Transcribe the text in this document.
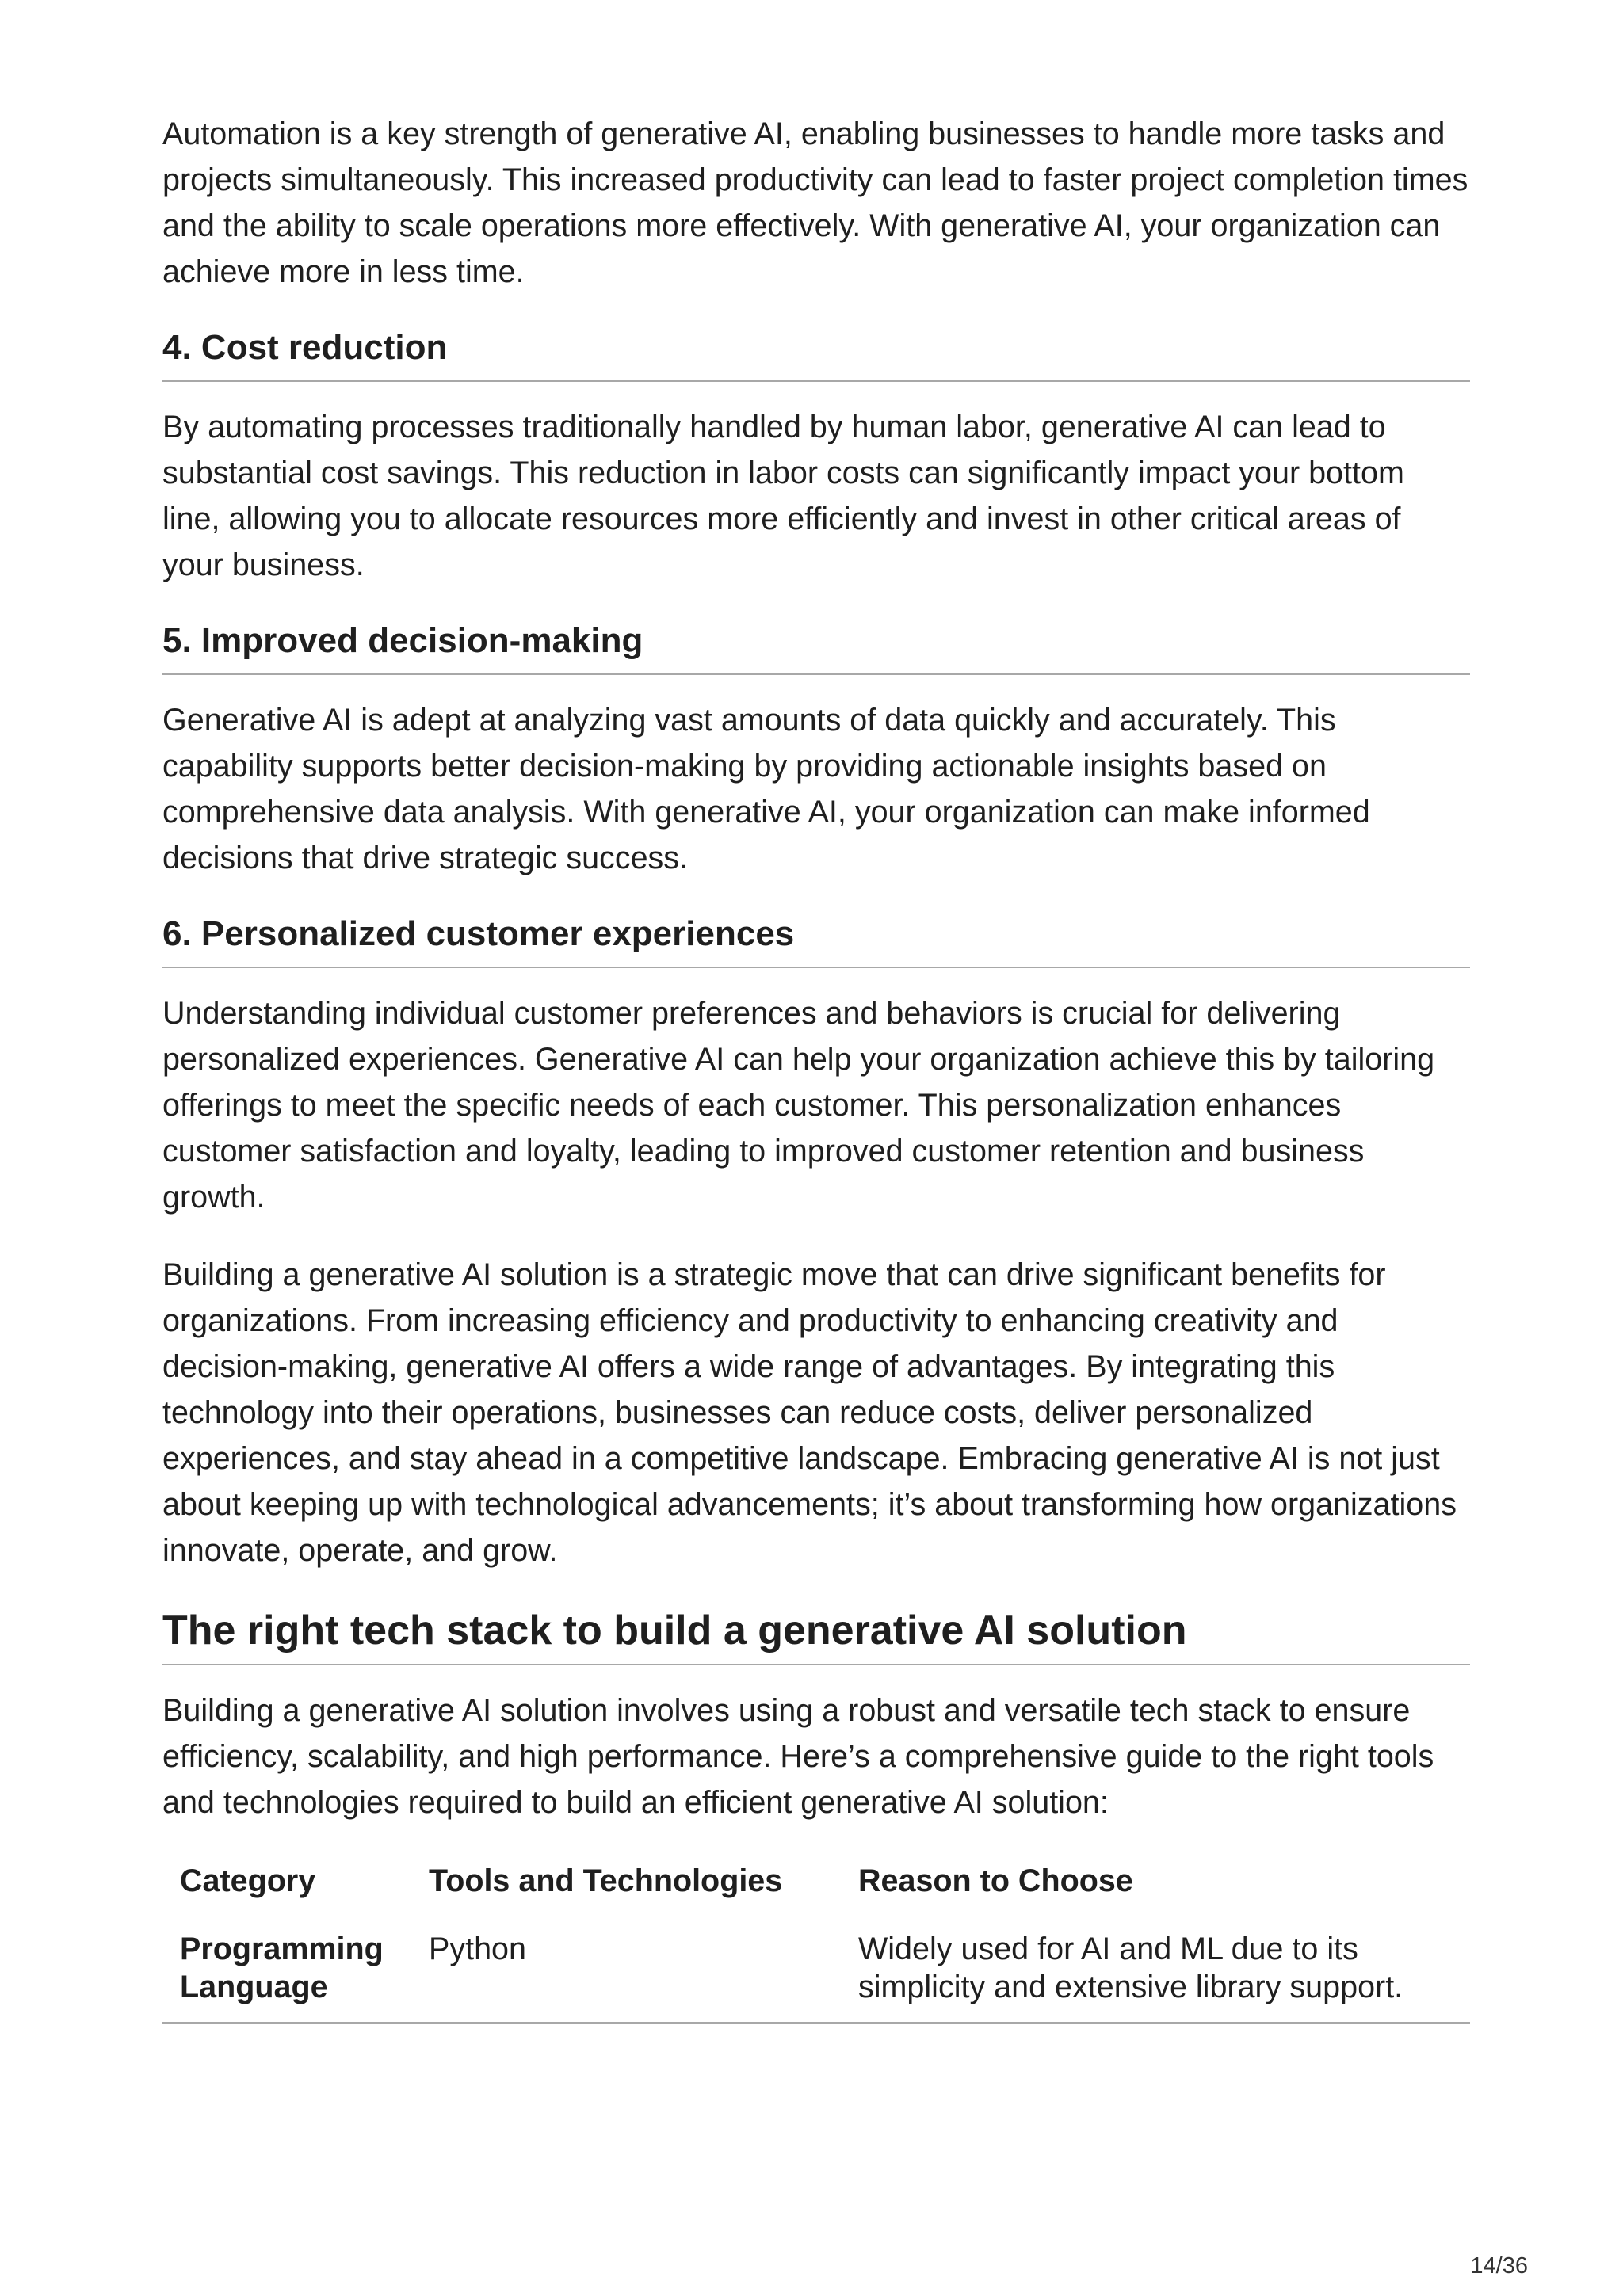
Automation is a key strength of generative AI, enabling businesses to handle more tasks and projects simultaneously. This increased productivity can lead to faster project completion times and the ability to scale operations more effectively. With generative AI, your organization can achieve more in less time.

4. Cost reduction

By automating processes traditionally handled by human labor, generative AI can lead to substantial cost savings. This reduction in labor costs can significantly impact your bottom line, allowing you to allocate resources more efficiently and invest in other critical areas of your business.

5. Improved decision-making

Generative AI is adept at analyzing vast amounts of data quickly and accurately. This capability supports better decision-making by providing actionable insights based on comprehensive data analysis. With generative AI, your organization can make informed decisions that drive strategic success.

6. Personalized customer experiences

Understanding individual customer preferences and behaviors is crucial for delivering personalized experiences. Generative AI can help your organization achieve this by tailoring offerings to meet the specific needs of each customer. This personalization enhances customer satisfaction and loyalty, leading to improved customer retention and business growth.

Building a generative AI solution is a strategic move that can drive significant benefits for organizations. From increasing efficiency and productivity to enhancing creativity and decision-making, generative AI offers a wide range of advantages. By integrating this technology into their operations, businesses can reduce costs, deliver personalized experiences, and stay ahead in a competitive landscape. Embracing generative AI is not just about keeping up with technological advancements; it’s about transforming how organizations innovate, operate, and grow.

The right tech stack to build a generative AI solution

Building a generative AI solution involves using a robust and versatile tech stack to ensure efficiency, scalability, and high performance. Here’s a comprehensive guide to the right tools and technologies required to build an efficient generative AI solution:

Category	Tools and Technologies	Reason to Choose
Programming Language	Python	Widely used for AI and ML due to its simplicity and extensive library support.
14/36
